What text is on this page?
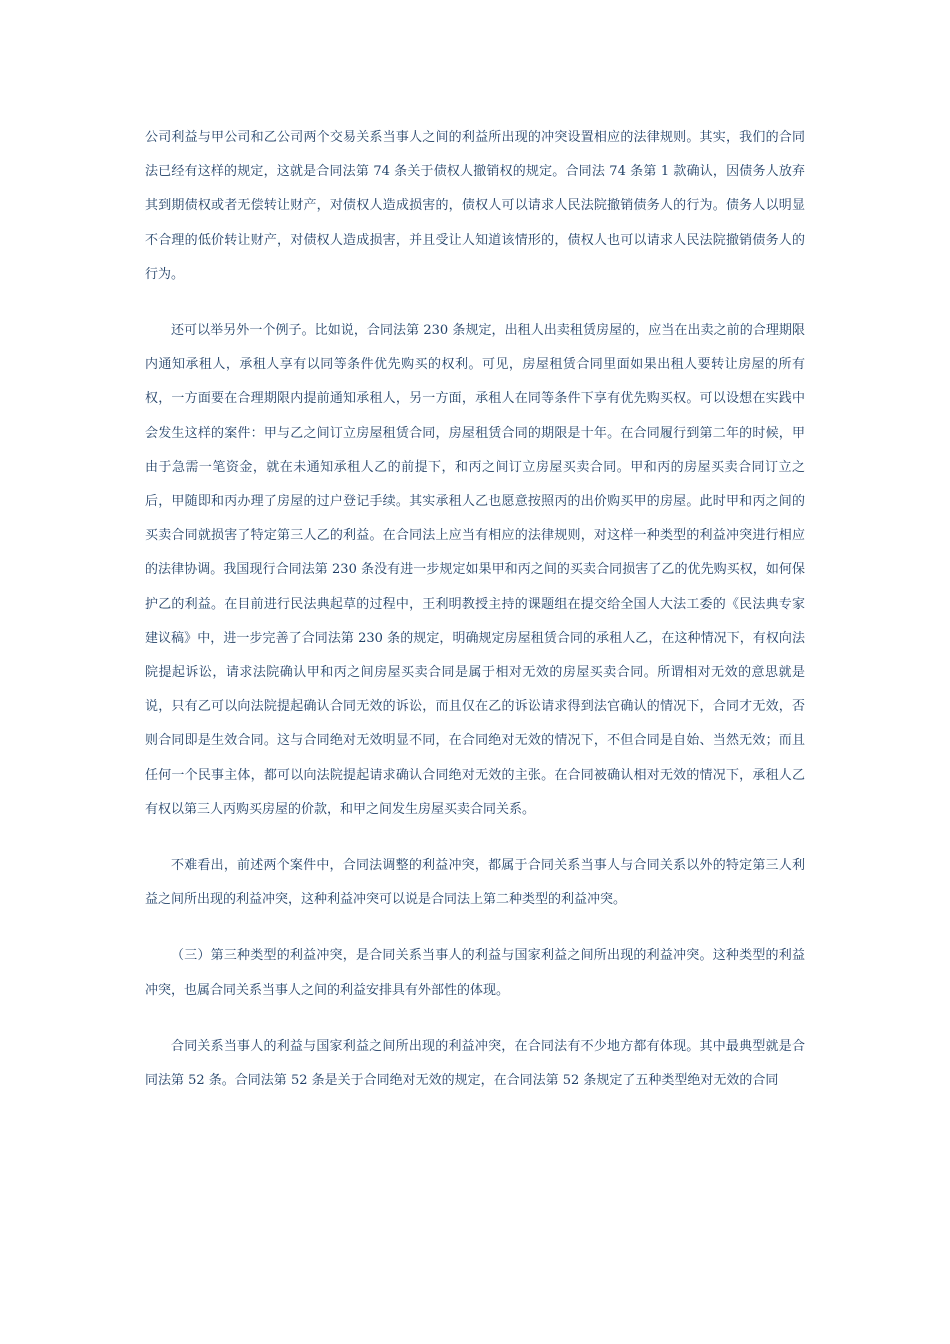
公司利益与甲公司和乙公司两个交易关系当事人之间的利益所出现的冲突设置相应的法律规则。其实，我们的合同法已经有这样的规定，这就是合同法第 74 条关于债权人撤销权的规定。合同法 74 条第 1 款确认，因债务人放弃其到期债权或者无偿转让财产，对债权人造成损害的，债权人可以请求人民法院撤销债务人的行为。债务人以明显不合理的低价转让财产，对债权人造成损害，并且受让人知道该情形的，债权人也可以请求人民法院撤销债务人的行为。

还可以举另外一个例子。比如说，合同法第 230 条规定，出租人出卖租赁房屋的，应当在出卖之前的合理期限内通知承租人，承租人享有以同等条件优先购买的权利。可见，房屋租赁合同里面如果出租人要转让房屋的所有权，一方面要在合理期限内提前通知承租人，另一方面，承租人在同等条件下享有优先购买权。可以设想在实践中会发生这样的案件：甲与乙之间订立房屋租赁合同，房屋租赁合同的期限是十年。在合同履行到第二年的时候，甲由于急需一笔资金，就在未通知承租人乙的前提下，和丙之间订立房屋买卖合同。甲和丙的房屋买卖合同订立之后，甲随即和丙办理了房屋的过户登记手续。其实承租人乙也愿意按照丙的出价购买甲的房屋。此时甲和丙之间的买卖合同就损害了特定第三人乙的利益。在合同法上应当有相应的法律规则，对这样一种类型的利益冲突进行相应的法律协调。我国现行合同法第 230 条没有进一步规定如果甲和丙之间的买卖合同损害了乙的优先购买权，如何保护乙的利益。在目前进行民法典起草的过程中，王利明教授主持的课题组在提交给全国人大法工委的《民法典专家建议稿》中，进一步完善了合同法第 230 条的规定，明确规定房屋租赁合同的承租人乙，在这种情况下，有权向法院提起诉讼，请求法院确认甲和丙之间房屋买卖合同是属于相对无效的房屋买卖合同。所谓相对无效的意思就是说，只有乙可以向法院提起确认合同无效的诉讼，而且仅在乙的诉讼请求得到法官确认的情况下，合同才无效，否则合同即是生效合同。这与合同绝对无效明显不同，在合同绝对无效的情况下，不但合同是自始、当然无效；而且任何一个民事主体，都可以向法院提起请求确认合同绝对无效的主张。在合同被确认相对无效的情况下，承租人乙有权以第三人丙购买房屋的价款，和甲之间发生房屋买卖合同关系。

不难看出，前述两个案件中，合同法调整的利益冲突，都属于合同关系当事人与合同关系以外的特定第三人利益之间所出现的利益冲突，这种利益冲突可以说是合同法上第二种类型的利益冲突。

（三）第三种类型的利益冲突，是合同关系当事人的利益与国家利益之间所出现的利益冲突。这种类型的利益冲突，也属合同关系当事人之间的利益安排具有外部性的体现。

合同关系当事人的利益与国家利益之间所出现的利益冲突，在合同法有不少地方都有体现。其中最典型就是合同法第 52 条。合同法第 52 条是关于合同绝对无效的规定，在合同法第 52 条规定了五种类型绝对无效的合同
